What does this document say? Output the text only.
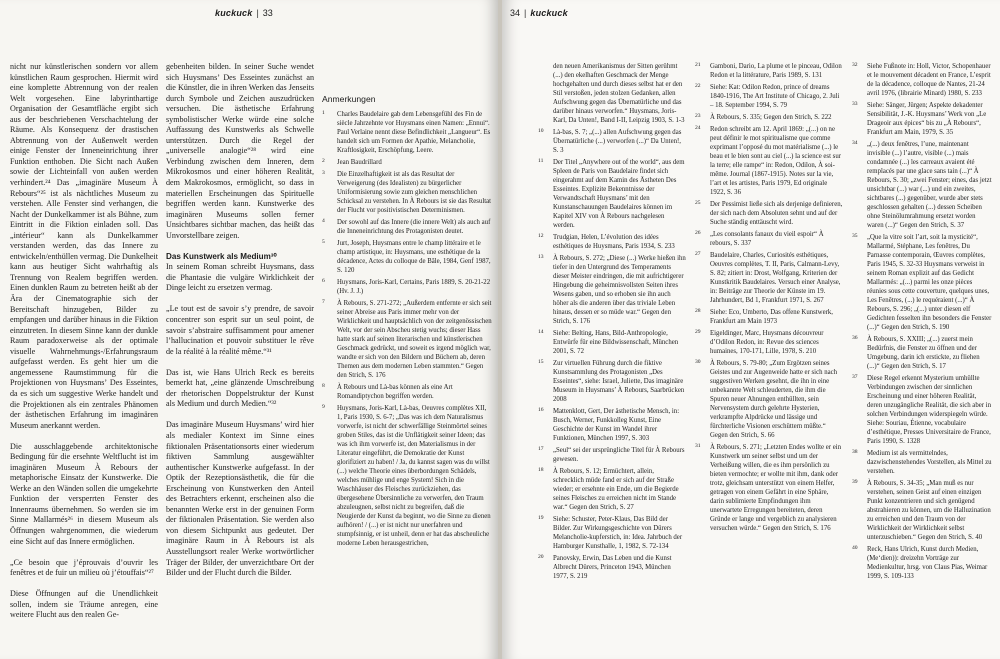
kuckuck | 33

nicht nur künstlerischen sondern vor allem künstlichen Raum gesprochen. Hiermit wird eine komplette Abtrennung von der realen Welt vorgesehen. Eine labyrinthartige Organisation der Gesamtfläche ergibt sich aus der beschriebenen Verschachtelung der Räume. Als Konsequenz der drastischen Abtrennung von der Außenwelt werden einige Fenster der Inneneinrichtung ihrer Funktion enthoben. Die Sicht nach Außen sowie der Lichteinfall von außen werden verhindert.²⁴ Das „imaginäre Museum À Rebours“²⁵ ist als nächtliches Museum zu verstehen. Alle Fenster sind verhangen, die Nacht der Dunkelkammer ist als Bühne, zum Eintritt in die Fiktion einladen soll. Das „intérieur“ kann als Dunkelkammer verstanden werden, das das Innere zu entwickeln/enthüllen vermag. Die Dunkelheit kann aus heutiger Sicht wahrhaftig als Trennung von Realem begriffen werden. Einen dunklen Raum zu betreten heißt ab der Ära der Cinematographie sich der Bereitschaft hinzugeben, Bilder zu empfangen und darüber hinaus in die Fiktion einzutreten. In diesem Sinne kann der dunkle Raum paradoxerweise als der optimale visuelle Wahrnehmungs-/Erfahrungsraum aufgefasst werden. Es geht hier um die angemessene Raumstimmung für die Projektionen von Huysmans’ Des Esseintes, da es sich um suggestive Werke handelt und die Projektionen als ein zentrales Phänomen der ästhetischen Erfahrung im imaginären Museum anerkannt werden.

Die ausschlaggebende architektonische Bedingung für die ersehnte Weltflucht ist im imaginären Museum À Rebours der metaphorische Einsatz der Kunstwerke. Die Werke an den Wänden sollen die umgekehrte Funktion der versperrten Fenster des Innenraums übernehmen. So werden sie im Sinne Mallarmés²⁶ in diesem Museum als Öffnungen wahrgenommen, die wiederum eine Sicht auf das Innere ermöglichen.

„Ce besoin que j’éprouvais d’ouvrir les fenêtres et de fuir un milieu où j’étouffais“²⁷

Diese Öffnungen auf die Unendlichkeit sollen, indem sie Träume anregen, eine weitere Flucht aus den realen Ge-

gebenheiten bilden. In seiner Suche wendet sich Huysmans’ Des Esseintes zunächst an die Künstler, die in ihren Werken das Jenseits durch Symbole und Zeichen auszudrücken versuchen. Die ästhetische Erfahrung symbolistischer Werke würde eine solche Auffassung des Kunstwerks als Schwelle unterstützen. Durch die Regel der „universelle analogie“²⁸ wird eine Verbindung zwischen dem Inneren, dem Mikrokosmos und einer höheren Realität, dem Makrokosmos, ermöglicht, so dass in materiellen Erscheinungen das Spirituelle begriffen werden kann. Kunstwerke des imaginären Museums sollen ferner Unsichtbares sichtbar machen, das heißt das Unvorstellbare zeigen.

Das Kunstwerk als Medium³⁰

In seinem Roman schreibt Huysmans, dass die Phantasie die vulgäre Wirklichkeit der Dinge leicht zu ersetzen vermag.

„Le tout est de savoir s’y prendre, de savoir concentrer son esprit sur un seul point, de savoir s’abstraire suffisamment pour amener l’hallucination et pouvoir substituer le rêve de la réalité à la réalité même.“³¹

Das ist, wie Hans Ulrich Reck es bereits bemerkt hat, „eine glänzende Umschreibung der rhetorischen Doppelstruktur der Kunst als Medium und durch Medien.“³²

Das imaginäre Museum Huysmans’ wird hier als medialer Kontext im Sinne eines fiktionalen Präsentationsorts einer wiederum fiktiven Sammlung ausgewählter authentischer Kunstwerke aufgefasst. In der Optik der Rezeptionsästhetik, die für die Erscheinung von Kunstwerken den Anteil des Betrachters erkennt, erscheinen also die benannten Werke erst in der genuinen Form der fiktionalen Präsentation. Sie werden also von diesem Sichtpunkt aus gedeutet. Der imaginäre Raum in À Rebours ist als Ausstellungsort realer Werke wortwörtlicher Träger der Bilder, der unverzichtbare Ort der Bilder und der Flucht durch die Bilder.

Anmerkungen
1	Charles Baudelaire gab dem Lebensgefühl des Fin de siècle Jahrzehnte vor Huysmans einen Namen: „Ennui“. Paul Verlaine nennt diese Befindlichkeit „Langueur“. Es handelt sich um Formen der Apathie, Melancholie, Kraftlosigkeit, Erschöpfung, Leere.
2	Jean Baudrillard
3	Die Einzelhaftigkeit ist als das Resultat der Verweigerung (des Idealisten) zu bürgerlicher Uniformisierung sowie zum gleichen menschlichen Schicksal zu verstehen. In À Rebours ist sie das Resultat der Flucht vor positivistischen Determinismen.
4	Der sowohl auf das Innere (die innere Welt) als auch auf die Inneneinrichtung des Protagonisten deutet.
5	Jurt, Joseph, Huysmans entre le champ littéraire et le champ artistique, in: Huysmans, une esthétique de la décadence, Actes du colloque de Bâle, 1984, Genf 1987, S. 120
6	Huysmans, Joris-Karl, Certains, Paris 1889, S. 20-21-22 (Hv. J. J.)
7	À Rebours, S. 271-272; „Außerdem entfernte er sich seit seiner Abreise aus Paris immer mehr von der Wirklichkeit und hauptsächlich von der zeitgenössischen Welt, vor der sein Abscheu stetig wuchs; dieser Hass hatte stark auf seinen literarischen und künstlerischen Geschmack gedrückt, und soweit es irgend möglich war, wandte er sich von den Bildern und Büchern ab, deren Themen aus dem modernen Leben stammten.“ Gegen den Strich, S. 176
8	À Rebours und Là-bas können als eine Art Romandiptychon begriffen werden.
9	Huysmans, Joris-Karl, Là-bas, Oeuvres complètes XII, 1, Paris 1930, S. 6-7; „Das was ich dem Naturalismus vorwerfe, ist nicht der schwerfällige Steinmörtel seines groben Stiles, das ist die Unflätigkeit seiner Ideen; das was ich ihm vorwerfe ist, den Materialismus in der Literatur eingeführt, die Demokratie der Kunst glorifiziert zu haben! / Ja, du kannst sagen was du willst (...) welche Theorie eines überbordungen Schädels, welches mühlige und enge System! Sich in die Waschhäuser des Fleisches zurückziehen, das übergesehene Übersinnliche zu verwerfen, den Traum abzuleugnen, selbst nicht zu begreifen, daß die Neugierde der Kunst da beginnt, wo die Sinne zu dienen aufhören! / (...) er ist nicht nur unerfahren und stumpfsinnig, er ist unheil, denn er hat das abscheuliche moderne Leben herausgestrichen,
34 | kuckuck
den neuen Amerikanismus der Sitten gerühmt (...) den ekelhaften Geschmack der Menge hochgehalten und durch dieses selbst hat er den Stil verstoßen, jeden stolzen Gedanken, allen Aufschwung gegen das Übernatürliche und das darüber hinaus verworfen.“ Huysmans, Joris-Karl, Da Unten!, Band I-II, Leipzig 1903, S. 1-3
10	Là-bas, S. 7; „(...) allen Aufschwung gegen das Übernatürliche (...) verworfen (...)“ Da Unten!, S. 3
11	Der Titel „Anywhere out of the world“, aus dem Spleen de Paris von Baudelaire findet sich eingerahmt auf dem Kamin des Ästheten Des Esseintes. Explizite Bekenntnisse der Verwandtschaft Huysmans’ mit den Kunstanschauungen Baudelaires können im Kapitel XIV von À Rebours nachgelesen werden.
12	Trudgian, Helen, L’évolution des idées esthétiques de Huysmans, Paris 1934, S. 233
13	À Rebours, S. 272; „Diese (...) Werke hießen ihn tiefer in den Untergrund des Temperaments dieser Meister eindringen, die mit aufrichtigerer Hingebung die geheimnisvollsten Seiten ihres Wesens gaben, und so erhoben sie ihn auch höher als die anderen über das triviale Leben hinaus, dessen er so müde war.“ Gegen den Strich, S. 176
14	Siehe: Belting, Hans, Bild-Anthropologie, Entwürfe für eine Bildwissenschaft, München 2001, S. 72
15	Zur virtuellen Führung durch die fiktive Kunstsammlung des Protagonisten „Des Esseintes“, siehe: Israel, Juliette, Das imaginäre Museum in Huysmans’ À Rebours, Saarbrücken 2008
16	Mattenklott, Gert, Der ästhetische Mensch, in: Busch, Werner, Funkkolleg Kunst, Eine Geschichte der Kunst im Wandel ihrer Funktionen, München 1997, S. 303
17	„Seul“ sei der ursprüngliche Titel für À Rebours gewesen.
18	À Rebours, S. 12; Ermüchtert, allein, schrecklich müde fand er sich auf der Straße wieder; er ersehnte ein Ende, um die Begierde seines Fleisches zu erreichen nicht im Stande war.“ Gegen den Strich, S. 27
19	Siehe: Schuster, Peter-Klaus, Das Bild der Bilder. Zur Wirkungsgeschichte von Dürers Melancholie-kupferstich, in: Idea. Jahrbuch der Hamburger Kunsthalle, 1, 1982, S. 72-134
20	Panovsky, Erwin, Das Leben und die Kunst Albrecht Dürers, Princeton 1943, München 1977, S. 219
21	Gamboni, Dario, La plume et le pinceau, Odilon Redon et la littérature, Paris 1989, S. 131
22	Siehe: Kat: Odilon Redon, prince of dreams 1840-1916, The Art Institute of Chicago, 2. Juli – 18. September 1994, S. 79
23	À Rebours, S. 335; Gegen den Strich, S. 222
24	Redon schreibt am 12. April 1869: „(...) on ne peut définir le mot spiritualisme que comme exprimant l’opposé du mot matérialisme (...) le beau et le bien sont au ciel (...) la science est sur la terre; elle rampe“ in: Redon, Odilon, À soi-même. Journal (1867-1915). Notes sur la vie, l’art et les artistes, Paris 1979, Ed originale 1922, S. 36
25	Der Pessimist ließe sich als derjenige definieren, der sich nach dem Absoluten sehnt und auf der Suche ständig enttäuscht wird.
26	„Les consolants fanaux du vieil espoir“ À rebours, S. 337
27	Baudelaire, Charles, Curiosités esthétiques, Oeuvres complètes, T. II, Paris, Calmann-Levy, S. 82; zitiert in: Drost, Wolfgang, Kriterien der Kunstkritik Baudelaires. Versuch einer Analyse, in: Beiträge zur Theorie der Künste im 19. Jahrhundert, Bd 1, Frankfurt 1971, S. 267
28	Siehe: Eco, Umberto, Das offene Kunstwerk, Frankfurt am Main 1973
29	Eigeldinger, Marc, Huysmans découvreur d’Odilon Redon, in: Revue des sciences humaines, 170-171, Lille, 1978, S. 210
30	À Rebours, S. 79-80; „Zum Ergötzen seines Geistes und zur Augenweide hatte er sich nach suggestiven Werken gesehnt, die ihn in eine unbekannte Welt schleuderten, die ihm die Spuren neuer Ahnungen enthüllten, sein Nervensystem durch gelehrte Hysterien, verkrampfte Alpdrücke und lässige und fürchterliche Visionen erschüttern müßte.“ Gegen den Strich, S. 66
31	À Rebours, S. 271; „Letzten Endes wollte er ein Kunstwerk um seiner selbst und um der Verheißung willen, die es ihm persönlich zu bieten vermochte; er wollte mit ihm, dank oder trotz, gleichsam unterstützt von einem Helfer, getragen von einem Gefährt in eine Sphäre, darin sublimierte Empfindungen ihm unerwartete Erregungen bereiteten, deren Gründe er lange und vergeblich zu analysieren versuchen würde.“ Gegen den Strich, S. 176
32	Siehe Fußnote in: Holl, Victor, Schopenhauer et le mouvement décadent en France, L’esprit de la décadence, colloque de Nantes, 21-24 avril 1976, (librairie Minard) 1980, S. 233
33	Siehe: Sänger, Jürgen; Aspekte dekadenter Sensibilität, J.-K. Huysmans’ Werk von „Le Drageoir aux épices“ bis zu „À Rebours“, Frankfurt am Main, 1979, S. 35
34	„(...) deux fenêtres, l’une, maintenant invisible (...) l’autre, visible (...) mais condamnée (...) les carreaux avaient été remplacés par une glace sans tain (...)“ À Rebours, S. 30; „zwei Fenster; eines, das jetzt unsichtbar (...) war (...) und ein zweites, sichtbares (...) gegenüber, wurde aber stets geschlossen gehalten (...) dessen Scheiben ohne Steinölumrahmung ersetzt worden waren (...)“ Gegen den Strich, S. 37
35	„Que la vitre soit l’art, soit la mysticité“, Mallarmé, Stéphane, Les fenêtres, Du Parnasse contemporain, Œuvres complètes, Paris 1945, S. 32-33 Huysmans verweist in seinem Roman explizit auf das Gedicht Mallarmés: „(...) parmi les onze pièces réunies sous cette couverture, quelques unes, Les Fenêtres, (...) le requéraient (...)“ À Rebours, S. 296; „(...) unter diesen elf Gedichten fesselten ihn besonders die Fenster (...)“ Gegen den Strich, S. 190
36	À Rebours, S. XXIII; „(...) zuerst mein Bedürfnis, die Fenster zu öffnen und der Umgebung, darin ich erstickte, zu fliehen (...)“ Gegen den Strich, S. 17
37	Diese Regel erkennt Mysterium umhüllte Verbindungen zwischen der sinnlichen Erscheinung und einer höheren Realität, deren unzugängliche Realität, die sich aber in solchen Verbindungen widerspiegeln würde. Siehe: Souriau, Étienne, vocabulaire d’esthétique, Presses Universitaire de France, Paris 1990, S. 1328
38	Medium ist als vermittelndes, dazwischenstehendes Vorstellen, als Mittel zu verstehen.
39	À Rebours, S. 34-35; „Man muß es nur verstehen, seinen Geist auf einen einzigen Punkt konzentrieren und sich genügend abstrahieren zu können, um die Halluzination zu erreichen und den Traum von der Wirklichkeit der Wirklichkeit selbst unterzuschieben.“ Gegen den Strich, S. 40
40	Reck, Hans Ulrich, Kunst durch Medien, (Me‘dien)): dreizehn Vorträge zur Medienkultur, hrsg. von Claus Pias, Weimar 1999, S. 109-133
